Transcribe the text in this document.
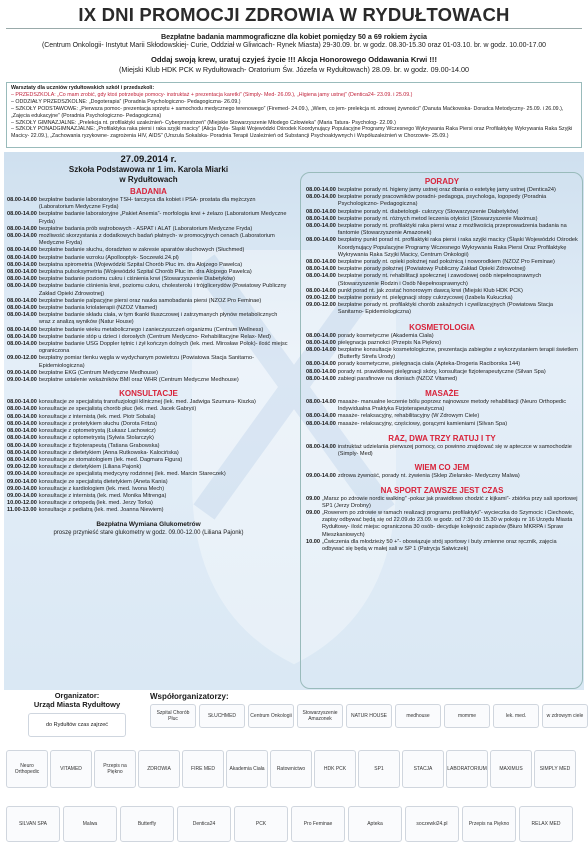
IX DNI PROMOCJI ZDROWIA W RYDUŁTOWACH
Bezpłatne badania mammograficzne dla kobiet pomiędzy 50 a 69 rokiem życia
(Centrum Onkologii- Instytut Marii Skłodowskiej- Curie, Oddział w Gliwicach- Rynek Miasta) 29-30.09. br. w godz. 08.30-15.30 oraz 01-03.10. br. w godz. 10.00-17.00
Oddaj swoją krew, uratuj czyjeś życie !!! Akcja Honorowego Oddawania Krwi !!!
(Miejski Klub HDK PCK w Rydułtowach- Oratorium Św. Józefa w Rydułtowach) 28.09. br. w godz. 09.00-14.00
Warsztaty dla uczniów rydułtowskich szkół i przedszkoli:
– PRZEDSZKOLA: „Co mam zrobić, gdy ktoś potrzebuje pomocy- instruktaż + prezentacja karetki” (Simply- Med- 26.09.), „Higiena jamy ustnej” (Dentica24- 23.09. i 25.09.)
– ODDZIAŁY PRZEDSZKOLNE: „Dogoterapia” (Poradnia Psychologiczno- Pedagogiczna- 26.09.)
– SZKOŁY PODSTAWOWE: „Pierwsza pomoc- prezentacja sprzętu + samochodu medycznego terenowego” (Firemed- 24.09.), „Wiem, co jem- prelekcja nt. zdrowej żywności” (Danuta Maćkowska- Doradca Metodyczny- 25.09. i 26.09.), „Zajęcia edukacyjne” (Poradnia Psychologiczno- Pedagogiczna)
– SZKOŁY GIMNAZJALNE: „Prelekcja nt. profilaktyki uzależnień- Cyberprzestrzeń” (Miejskie Stowarzyszenie Młodego Człowieka” (Maria Tatura- Psycholog- 22.09.)
– SZKOŁY PONADGIMNAZJALNE: „Profilaktyka raka piersi i raka szyjki macicy” (Alicja Dyla- Śląski Wojewódzki Ośrodek Koordynujący Populacyjne Programy Wczesnego Wykrywania Raka Piersi oraz Profilaktykę Wykrywania Raka Szyjki Macicy- 22.09.), „Zachowania ryzykowne- zagrożenia HIV, AIDS” (Urszula Sokalska- Poradnia Terapii Uzależnień od Substancji Psychoaktywnych i Współuzależnień w Chorzowie- 25.09.)
27.09.2014 r.
Szkoła Podstawowa nr 1 im. Karola Miarki
w Rydułtowach
BADANIA
08.00-14.00 bezpłatne badanie laboratoryjne TSH- tarczyca dla kobiet i PSA- prostata dla mężczyzn (Laboratorium Medyczne Fryda)
08.00-14.00 bezpłatne badanie laboratoryjne „Pakiet Anemia”- morfologia krwi + żelazo (Laboratorium Medyczne Fryda)
08.00-14.00 bezpłatne badania prób wątrobowych - ASPAT i ALAT (Laboratorium Medyczne Fryda)
08.00-14.00 możliwość skorzystania z dodatkowych badań płatnych- w promocyjnych cenach (Laboratorium Medyczne Fryda)
08.00-14.00 bezpłatne badanie słuchu, doradztwo w zakresie aparatów słuchowych (Słuchmed)
08.00-14.00 bezpłatne badanie wzroku (Apollooptyk- Soczewki.24.pl)
08.00-14.00 bezpłatna spirometria (Wojewódzki Szpital Chorób Płuc im. dra Alojzego Pawelca)
08.00-14.00 bezpłatna pulsoksymetria (Wojewódzki Szpital Chorób Płuc im. dra Alojzego Pawelca)
08.00-14.00 bezpłatne badanie poziomu cukru i ciśnienia krwi (Stowarzyszenie Diabetyków)
08.00-14.00 bezpłatne badanie ciśnienia krwi, poziomu cukru, cholesterolu i trójglicerydów (Powiatowy Publiczny Zakład Opieki Zdrowotnej)
08.00-14.00 bezpłatne badanie palpacyjne piersi oraz nauka samobadania piersi (NZOZ Pro Feminae)
08.00-14.00 bezpłatne badania kriolaterapii (NZOZ Vitamed)
08.00-14.00 bezpłatne badanie składu ciała, w tym tkanki tłuszczowej i zatrzymanych płynów metabolicznych wraz z analizą wyników (Natur House)
08.00-14.00 bezpłatne badanie wieku metabolicznego i zanieczyszczeń organizmu (Centrum Wellness)
08.00-14.00 bezpłatne badanie stóp u dzieci i dorosłych (Centrum Medyczno- Rehabilitacyjne Relax- Med)
08.00-14.00 bezpłatne badanie USG Doppler tętnic i żył kończyn dolnych (lek. med. Mirosław Polok)- ilość miejsc ograniczona
09.00-12.00 bezpłatny pomiar tlenku węgla w wydychanym powietrzu (Powiatowa Stacja Sanitarno- Epidemiologiczna)
09.00-14.00 bezpłatne EKG (Centrum Medyczne Medhouse)
09.00-14.00 bezpłatne ustalenie wskaźników BMI oraz WHR (Centrum Medyczne Medhouse)
KONSULTACJE
08.00-14.00 konsultacje ze specjalistą transfuzjologii klinicznej (lek. med. Jadwiga Szumura- Kiszka)
08.00-14.00 konsultacje ze specjalistą chorób płuc (lek. med. Jacek Gabryś)
08.00-14.00 konsultacje z internistą (lek. med. Piotr Sobala)
08.00-14.00 konsultacje z protetykiem słuchu (Dorota Fritza)
08.00-14.00 konsultacje z optometrystą (Łukasz Lachowicz)
08.00-14.00 konsultacje z optometrystą (Sylwia Stolarczyk)
08.00-14.00 konsultacje z fizjoterapeutą (Tatiana Grabowska)
08.00-14.00 konsultacje z dietetykiem (Anna Rutkowska- Kalocińska)
08.00-14.00 konsultacje ze stomatologiem (lek. med. Dagmara Figura)
09.00-12.00 konsultacje z dietetykiem (Liliana Pajonk)
09.00-14.00 konsultacje ze specjalistą medycyny rodzinnej (lek. med. Marcin Stareczek)
09.00-14.00 konsultacje ze specjalistą dietetykiem (Aneta Kania)
09.00-14.00 konsultacje z kardiologiem (lek. med. Iwona Mech)
09.00-14.00 konsultacje z internistą (lek. med. Monika Mitrenga)
10.00-12.00 konsultacje z ortopedą (lek. med. Jerzy Torka)
11.00-13.00 konsultacje z pediatrą (lek. med. Joanna Niewiem)
Bezpłatna Wymiana Glukometrów
proszę przynieść stare glukometry w godz. 09.00-12.00 (Liliana Pajonk)
PORADY
08.00-14.00 bezpłatne porady nt. higieny jamy ustnej oraz dbania o estetykę jamy ustnej (Dentica24)
08.00-14.00 bezpłatne porady pracowników poradni- pedagoga, psychologa, logopedy (Poradnia Psychologiczno- Pedagogiczna)
08.00-14.00 bezpłatne porady nt. diabetologii- cukrzycy (Stowarzyszenie Diabetyków)
08.00-14.00 bezpłatne porady nt. różnych metod leczenia otyłości (Stowarzyszenie Maximus)
08.00-14.00 bezpłatne porady nt. profilaktyki raka piersi wraz z możliwością przeprowadzenia badania na fantomie (Stowarzyszenie Amazonek)
08.00-14.00 bezpłatny punkt porad nt. profilaktyki raka piersi i raka szyjki macicy (Śląski Wojewódzki Ośrodek Koordynujący Populacyjne Programy Wczesnego Wykrywania Raka Piersi Oraz Profilaktykę Wykrywania Raka Szyjki Macicy, Centrum Onkologii)
08.00-14.00 bezpłatne porady nt. opieki położnej nad położnicą i noworodkiem (NZOZ Pro Feminae)
08.00-14.00 bezpłatne porady położnej (Powiatowy Publiczny Zakład Opieki Zdrowotnej)
08.00-14.00 bezpłatne porady nt. rehabilitacji społecznej i zawodowej osób niepełnosprawnych (Stowarzyszenie Rodzin i Osób Niepełnosprawnych)
08.00-14.00 punkt porad nt. jak zostać honorowym dawcą krwi (Miejski Klub HDK PCK)
09.00-12.00 bezpłatne porady nt. pielęgnacji stopy cukrzycowej (Izabela Kukuczka)
09.00-12.00 bezpłatne porady nt. profilaktyki chorób zakaźnych i cywilizacyjnych (Powiatowa Stacja Sanitarno- Epidemiologiczna)
KOSMETOLOGIA
08.00-14.00 porady kosmetyczne (Akademia Ciała)
08.00-14.00 pielęgnacja paznokci (Przepis Na Piękno)
08.00-14.00 bezpłatne konsultacje kosmetologiczne, prezentacja zabiegów z wykorzystaniem terapii świetlem (Butterfly Strefa Urody)
08.00-14.00 porady kosmetyczne, pielęgnacja ciała (Apteka-Drogeria Raciborska 144)
08.00-14.00 porady nt. prawidłowej pielęgnacji skóry, konsultacje fizjoterapeutyczne (Silvan Spa)
08.00-14.00 zabiegi parafinowe na dłoniach (NZOZ Vitamed)
MASAŻE
08.00-14.00 masaże- manualne leczenie bólu poprzez najnowsze metody rehabilitacji (Neuro Orthopedic Indywidualna Praktyka Fizjoterapeutyczna)
08.00-14.00 masaże- relaksacyjny, rehabilitacyjny (W Zdrowym Ciele)
08.00-14.00 masaże- relaksacyjny, częściowy, gorącymi kamieniami (Silvan Spa)
RAZ, DWA TRZY RATUJ I TY
08.00-14.00 instruktaż udzielania pierwszej pomocy, co powinno znajdować się w apteczce w samochodzie (Simply- Med)
WIEM CO JEM
09.00-14.00 zdrowa żywność, porady nt. żywienia (Sklep Zielarsko- Medyczny Malwa)
NA SPORT ZAWSZE JEST CZAS
09.00 „Marsz po zdrowie nordic walking” -pokaz jak prawidłowo chodzić z kijkami”- zbiórka przy sali sportowej SP1 (Jerzy Drobny)
09.00 „Rowerem po zdrowie w ramach realizacji programu profilaktyki”- wycieczka do Szymocic i Ciechowic, zapisy odbywać będą się od 22.09.do 23.09. w godz. od 7:30 do 15.30 w pokoju nr 16 Urzędu Miasta Rydułtowy- ilość miejsc ograniczona 30 osób- decyduje kolejność zapisów (Biuro MKRPA i Spraw Mieszkaniowych)
10.00 „Ćwiczenia dla młodzieży 50 +”- obowiązuje strój sportowy i buty zmienne oraz ręcznik, zajęcia odbywać się będą w małej sali w SP 1 (Patrycja Sałwiczek)
Organizator:
Urząd Miasta Rydułtowy
do Rydułtów czas zajrzeć
Współorganizatorzy:
Szpital Chorób Płuc	SŁUCHMED	Centrum Onkologii	Stowarzyszenie Amazonek	NATUR HOUSE	medhouse	momme	lek. med.	w zdrowym ciele
Neuro Orthopedic	VITAMED	Przepis na Piękno	ZDROWIA	FIRE MED	Akademia Ciała Ratownictwo	HDK PCK	SP1	STACJA	LABORATORIUM	MAXIMUS	SIMPLY MED
SILVAN SPA	Malwa	Butterfly	Dentica24	PCK	Pro Feminae	Apteka	soczewki24.pl	Przepis na Piękno	RELAX MED
